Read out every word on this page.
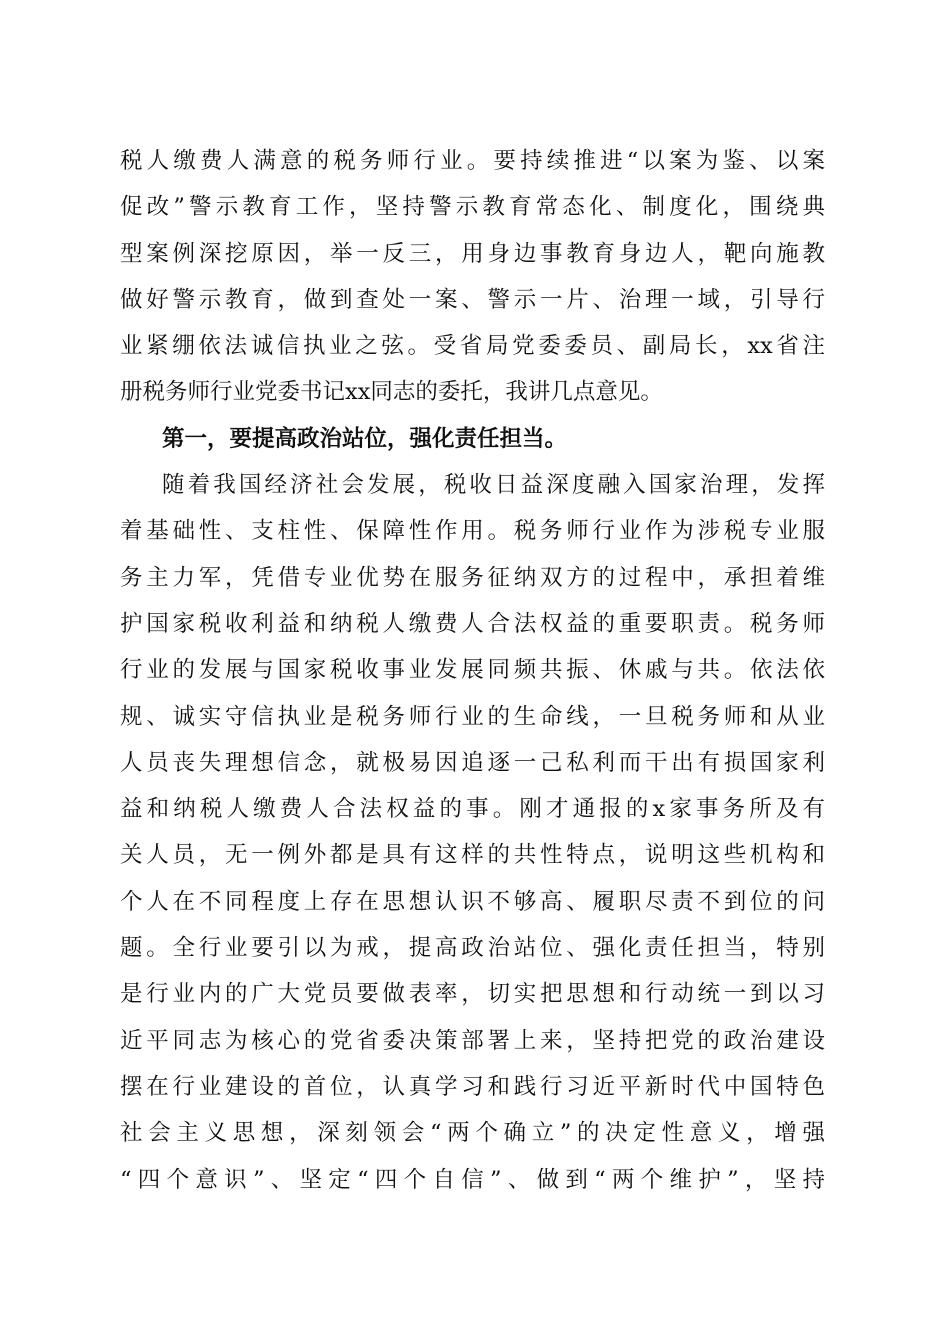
税人缴费人满意的税务师行业。要持续推进“以案为鉴、以案
促改”警示教育工作，坚持警示教育常态化、制度化，围绕典
型案例深挖原因，举一反三，用身边事教育身边人，靶向施教
做好警示教育，做到查处一案、警示一片、治理一域，引导行
业紧绷依法诚信执业之弦。受省局党委委员、副局长，xx省注
册税务师行业党委书记xx同志的委托，我讲几点意见。
第一，要提高政治站位，强化责任担当。
随着我国经济社会发展，税收日益深度融入国家治理，发挥
着基础性、支柱性、保障性作用。税务师行业作为涉税专业服
务主力军，凭借专业优势在服务征纳双方的过程中，承担着维
护国家税收利益和纳税人缴费人合法权益的重要职责。税务师
行业的发展与国家税收事业发展同频共振、休戚与共。依法依
规、诚实守信执业是税务师行业的生命线，一旦税务师和从业
人员丧失理想信念，就极易因追逐一己私利而干出有损国家利
益和纳税人缴费人合法权益的事。刚才通报的x家事务所及有
关人员，无一例外都是具有这样的共性特点，说明这些机构和
个人在不同程度上存在思想认识不够高、履职尽责不到位的问
题。全行业要引以为戒，提高政治站位、强化责任担当，特别
是行业内的广大党员要做表率，切实把思想和行动统一到以习
近平同志为核心的党省委决策部署上来，坚持把党的政治建设
摆在行业建设的首位，认真学习和践行习近平新时代中国特色
社会主义思想，深刻领会“两个确立”的决定性意义，增强
“四个意识”、坚定“四个自信”、做到“两个维护”，坚持
